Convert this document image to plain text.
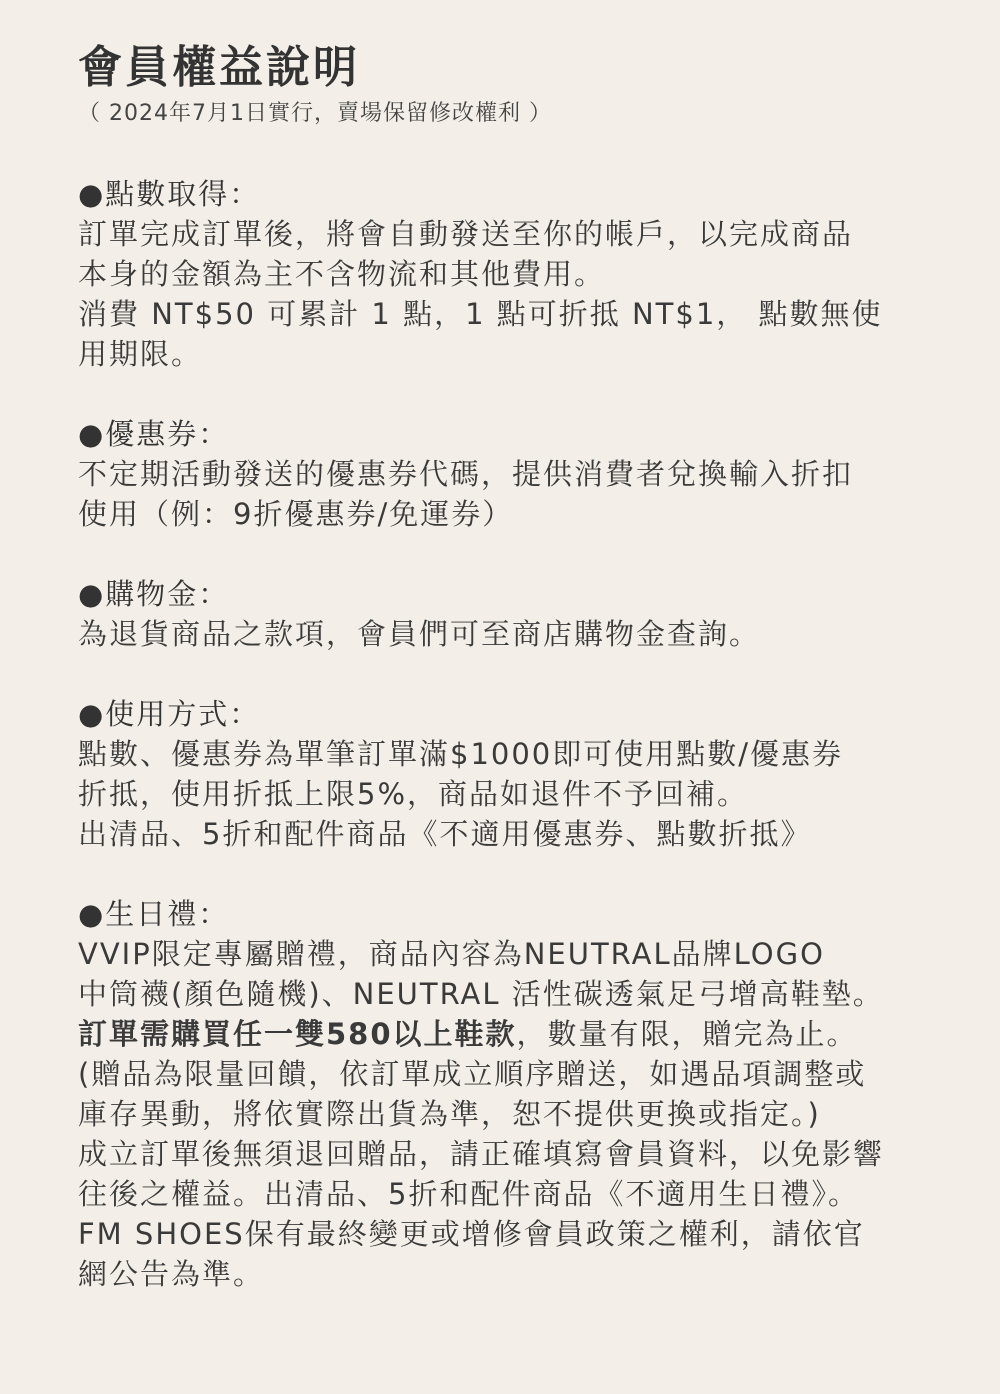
會員權益說明
（ 2024年7月1日實行，賣場保留修改權利 ）
●點數取得：
訂單完成訂單後，將會自動發送至你的帳戶，以完成商品
本身的金額為主不含物流和其他費用。
消費 NT$50 可累計 1 點，1 點可折抵 NT$1， 點數無使
用期限。
●優惠券：
不定期活動發送的優惠券代碼，提供消費者兌換輸入折扣
使用（例：9折優惠券/免運券）
●購物金：
為退貨商品之款項，會員們可至商店購物金查詢。
●使用方式：
點數、優惠券為單筆訂單滿$1000即可使用點數/優惠券
折抵，使用折抵上限5%，商品如退件不予回補。
出清品、5折和配件商品《不適用優惠券、點數折抵》
●生日禮：
VVIP限定專屬贈禮，商品內容為NEUTRAL品牌LOGO
中筒襪(顏色隨機)、NEUTRAL 活性碳透氣足弓增高鞋墊。
訂單需購買任一雙580以上鞋款，數量有限，贈完為止。
(贈品為限量回饋，依訂單成立順序贈送，如遇品項調整或
庫存異動，將依實際出貨為準，恕不提供更換或指定。)
成立訂單後無須退回贈品，請正確填寫會員資料，以免影響
往後之權益。出清品、5折和配件商品《不適用生日禮》。
FM SHOES保有最終變更或增修會員政策之權利，請依官
網公告為準。
